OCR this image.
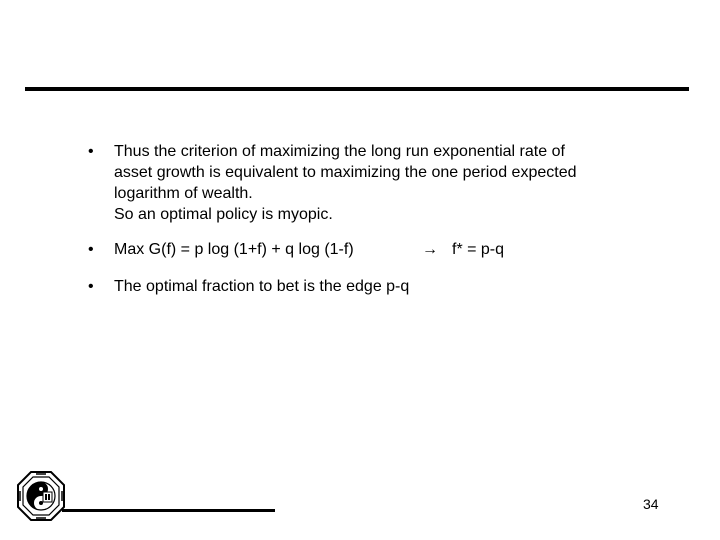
• Thus the criterion of maximizing the long run exponential rate of
asset growth is equivalent to maximizing the one period expected
logarithm of wealth.
So an optimal policy is myopic.
• Max G(f) = p log (1+f) + q log (1-f)	→ f* = p-q
• The optimal fraction to bet is the edge p-q
34
